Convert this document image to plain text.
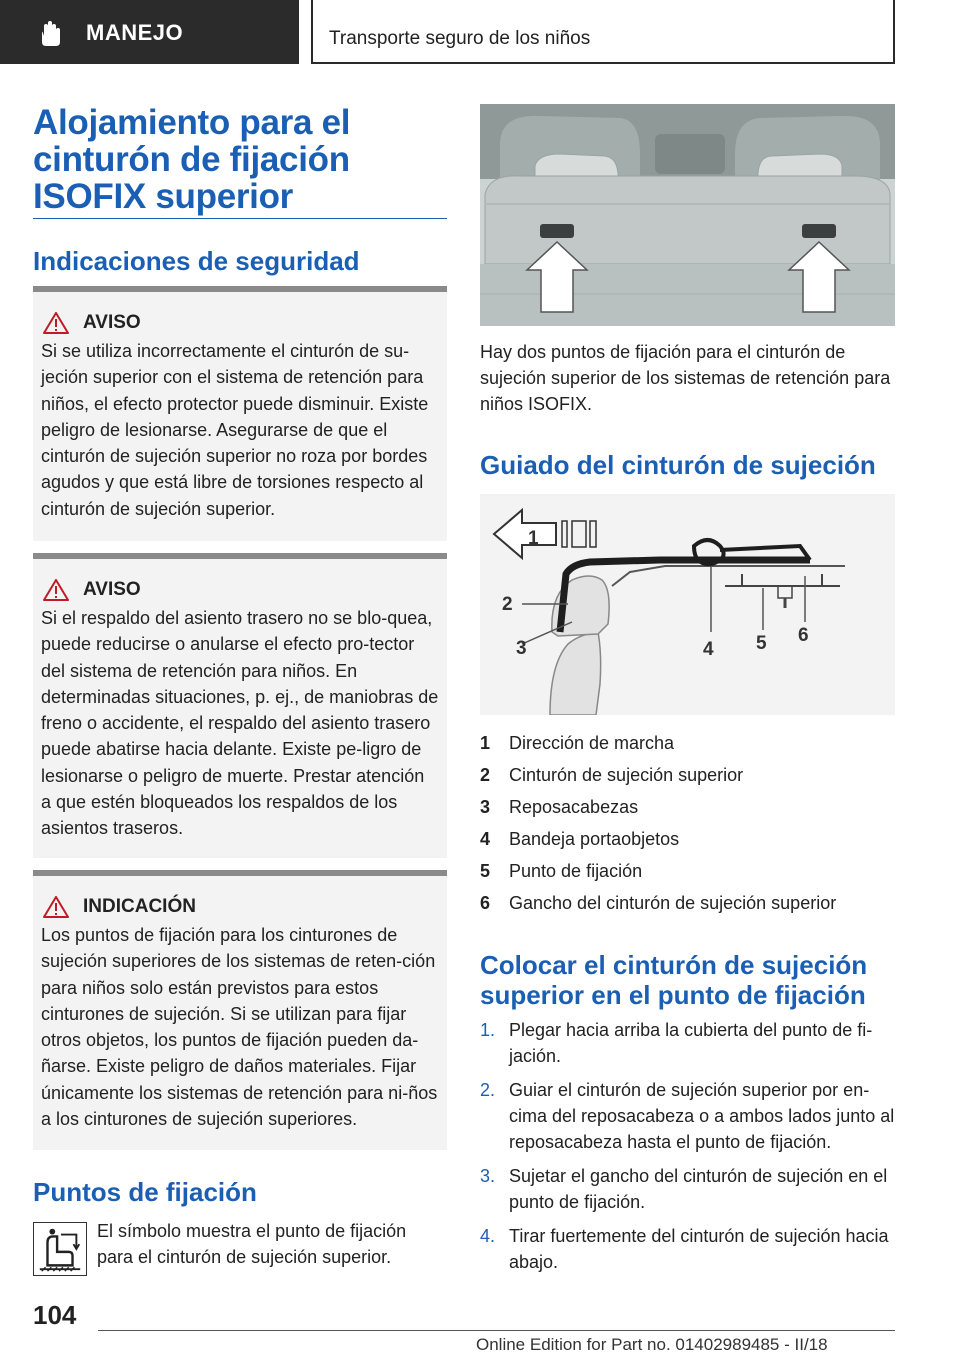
MANEJO	Transporte seguro de los niños
Alojamiento para el cinturón de fijación ISOFIX superior
Indicaciones de seguridad
AVISO
Si se utiliza incorrectamente el cinturón de su-jeción superior con el sistema de retención para niños, el efecto protector puede disminuir. Existe peligro de lesionarse. Asegurarse de que el cinturón de sujeción superior no roza por bordes agudos y que está libre de torsiones respecto al cinturón de sujeción superior.
AVISO
Si el respaldo del asiento trasero no se blo-quea, puede reducirse o anularse el efecto pro-tector del sistema de retención para niños. En determinadas situaciones, p. ej., de maniobras de freno o accidente, el respaldo del asiento trasero puede abatirse hacia delante. Existe pe-ligro de lesionarse o peligro de muerte. Prestar atención a que estén bloqueados los respaldos de los asientos traseros.
INDICACIÓN
Los puntos de fijación para los cinturones de sujeción superiores de los sistemas de reten-ción para niños solo están previstos para estos cinturones de sujeción. Si se utilizan para fijar otros objetos, los puntos de fijación pueden da-ñarse. Existe peligro de daños materiales. Fijar únicamente los sistemas de retención para ni-ños a los cinturones de sujeción superiores.
Puntos de fijación
El símbolo muestra el punto de fijación para el cinturón de sujeción superior.
Hay dos puntos de fijación para el cinturón de sujeción superior de los sistemas de retención para niños ISOFIX.
Guiado del cinturón de sujeción
1
2
3	4 5 6
1	Dirección de marcha
2	Cinturón de sujeción superior
3	Reposacabezas
4	Bandeja portaobjetos
5	Punto de fijación
6	Gancho del cinturón de sujeción superior
Colocar el cinturón de sujeción superior en el punto de fijación
1. Plegar hacia arriba la cubierta del punto de fi-jación.
2. Guiar el cinturón de sujeción superior por en-cima del reposacabeza o a ambos lados junto al reposacabeza hasta el punto de fijación.
3. Sujetar el gancho del cinturón de sujeción en el punto de fijación.
4. Tirar fuertemente del cinturón de sujeción hacia abajo.
104
Online Edition for Part no. 01402989485 - II/18
